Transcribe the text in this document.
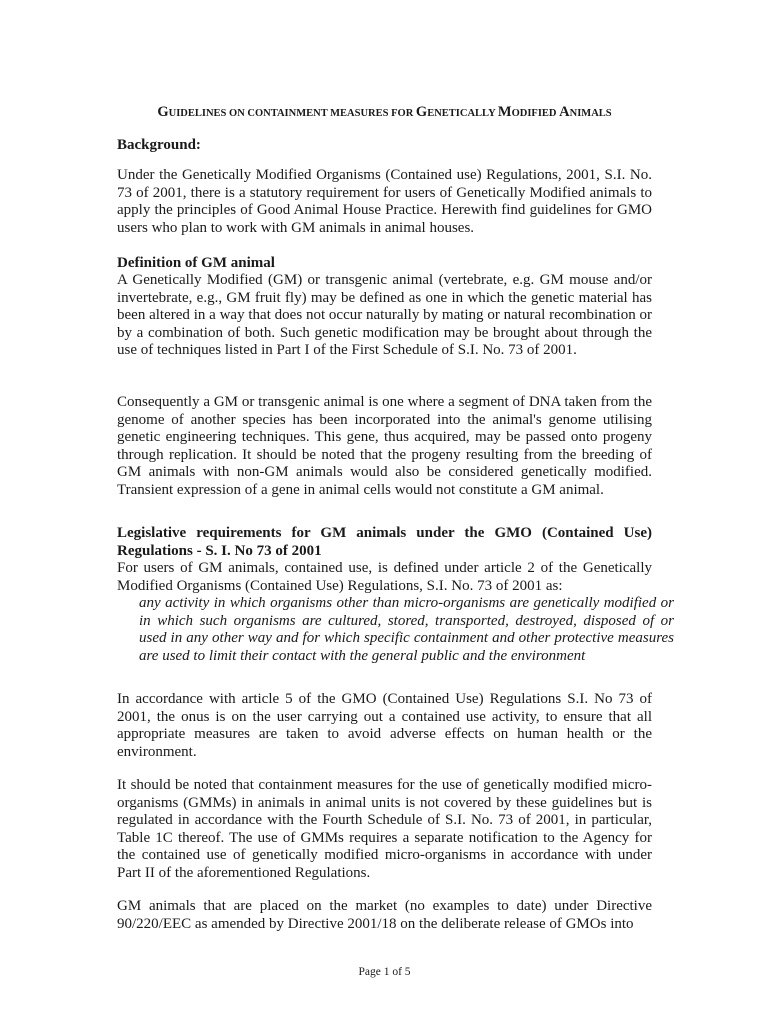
GUIDELINES ON CONTAINMENT MEASURES FOR GENETICALLY MODIFIED ANIMALS
Background:
Under the Genetically Modified Organisms (Contained use) Regulations, 2001, S.I. No. 73 of 2001, there is a statutory requirement for users of Genetically Modified animals to apply the principles of Good Animal House Practice. Herewith find guidelines for GMO users who plan to work with GM animals in animal houses.
Definition of GM animal
A Genetically Modified (GM) or transgenic animal (vertebrate, e.g. GM mouse and/or invertebrate, e.g., GM fruit fly) may be defined as one in which the genetic material has been altered in a way that does not occur naturally by mating or natural recombination or by a combination of both. Such genetic modification may be brought about through the use of techniques listed in Part I of the First Schedule of S.I. No. 73 of 2001.
Consequently a GM or transgenic animal is one where a segment of DNA taken from the genome of another species has been incorporated into the animal's genome utilising genetic engineering techniques. This gene, thus acquired, may be passed onto progeny through replication. It should be noted that the progeny resulting from the breeding of GM animals with non-GM animals would also be considered genetically modified. Transient expression of a gene in animal cells would not constitute a GM animal.
Legislative requirements for GM animals under the GMO (Contained Use) Regulations - S. I. No 73 of 2001
For users of GM animals, contained use, is defined under article 2 of the Genetically Modified Organisms (Contained Use) Regulations, S.I. No. 73 of 2001 as:
any activity in which organisms other than micro-organisms are genetically modified or in which such organisms are cultured, stored, transported, destroyed, disposed of or used in any other way and for which specific containment and other protective measures are used to limit their contact with the general public and the environment
In accordance with article 5 of the GMO (Contained Use) Regulations S.I. No 73 of 2001, the onus is on the user carrying out a contained use activity, to ensure that all appropriate measures are taken to avoid adverse effects on human health or the environment.
It should be noted that containment measures for the use of genetically modified micro-organisms (GMMs) in animals in animal units is not covered by these guidelines but is regulated in accordance with the Fourth Schedule of S.I. No. 73 of 2001, in particular, Table 1C thereof. The use of GMMs requires a separate notification to the Agency for the contained use of genetically modified micro-organisms in accordance with under Part II of the aforementioned Regulations.
GM animals that are placed on the market (no examples to date) under Directive 90/220/EEC as amended by Directive 2001/18 on the deliberate release of GMOs into
Page 1 of 5
